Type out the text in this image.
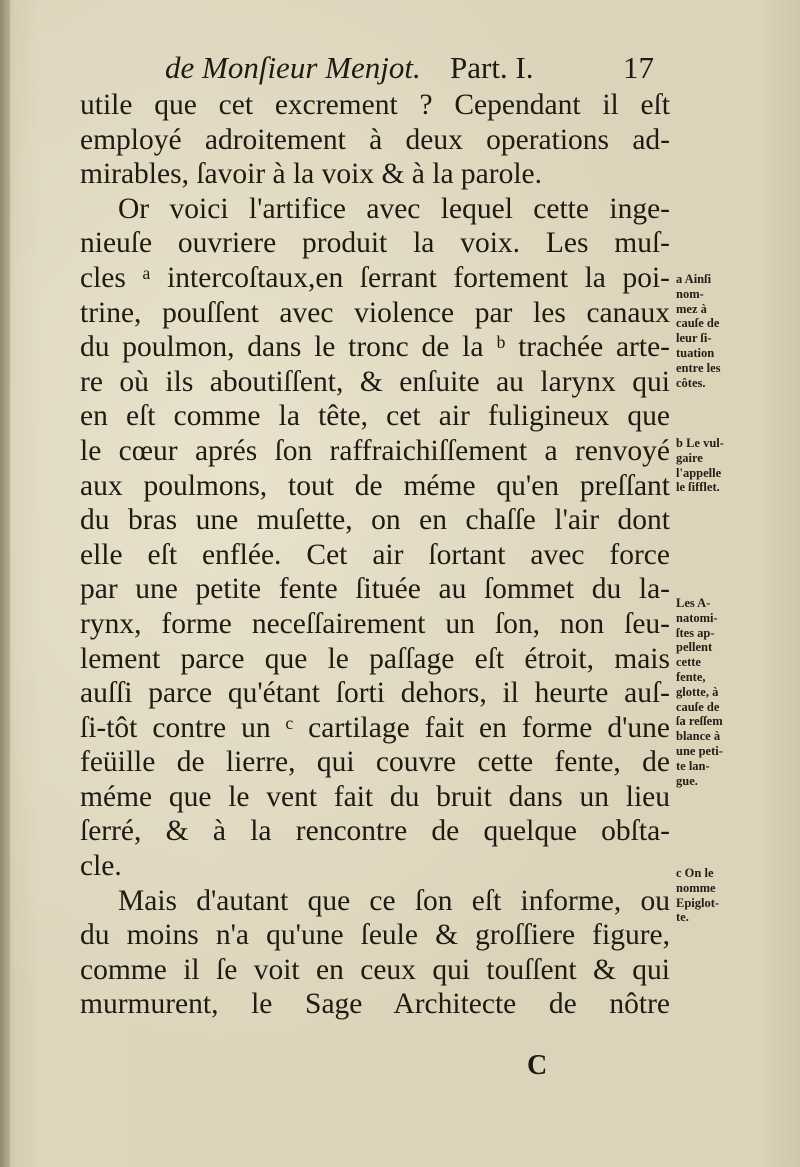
de Monſieur Menjot. Part. I.	17
utile que cet excrement ? Cependant il eſt
employé adroitement à deux operations ad-
mirables, ſavoir à la voix & à la parole.
Or voici l'artifice avec lequel cette inge-
nieuſe ouvriere produit la voix. Les muſ-
cles ᵃ intercoſtaux,en ſerrant fortement la poi-
trine, pouſſent avec violence par les canaux
du poulmon, dans le tronc de la ᵇ trachée arte-
re où ils aboutiſſent, & enſuite au larynx qui
en eſt comme la tête, cet air fuligineux que
le cœur aprés ſon raffraichiſſement a renvoyé
aux poulmons, tout de méme qu'en preſſant
du bras une muſette, on en chaſſe l'air dont
elle eſt enflée. Cet air ſortant avec force
par une petite fente ſituée au ſommet du la-
rynx, forme neceſſairement un ſon, non ſeu-
lement parce que le paſſage eſt étroit, mais
auſſi parce qu'étant ſorti dehors, il heurte auſ-
ſi-tôt contre un ᶜ cartilage fait en forme d'une
feüille de lierre, qui couvre cette fente, de
méme que le vent fait du bruit dans un lieu
ſerré, & à la rencontre de quelque obſta-
cle.
Mais d'autant que ce ſon eſt informe, ou
du moins n'a qu'une ſeule & groſſiere figure,
comme il ſe voit en ceux qui touſſent & qui
murmurent, le Sage Architecte de nôtre
C
a Ainſi
nom-
mez à
cauſe de
leur ſi-
tuation
entre les
côtes.
b Le vul-
gaire
l'appelle
le ſifflet.
Les A-
natomi-
ſtes ap-
pellent
cette
fente,
glotte, à
cauſe de
ſa reſſem
blance à
une peti-
te lan-
gue.
c On le
nomme
Epiglot-
te.
